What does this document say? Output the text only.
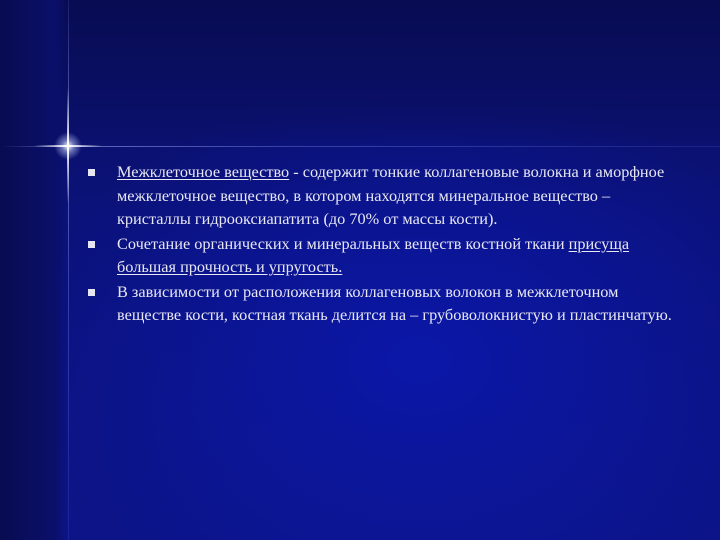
Межклеточное вещество - содержит тонкие коллагеновые волокна и аморфное межклеточное вещество, в котором находятся минеральное вещество – кристаллы гидрооксиапатита (до 70% от массы кости).
Сочетание органических и минеральных веществ костной ткани присуща большая прочность и упругость.
В зависимости от расположения коллагеновых волокон в межклеточном веществе кости, костная ткань делится на – грубоволокнистую и пластинчатую.
